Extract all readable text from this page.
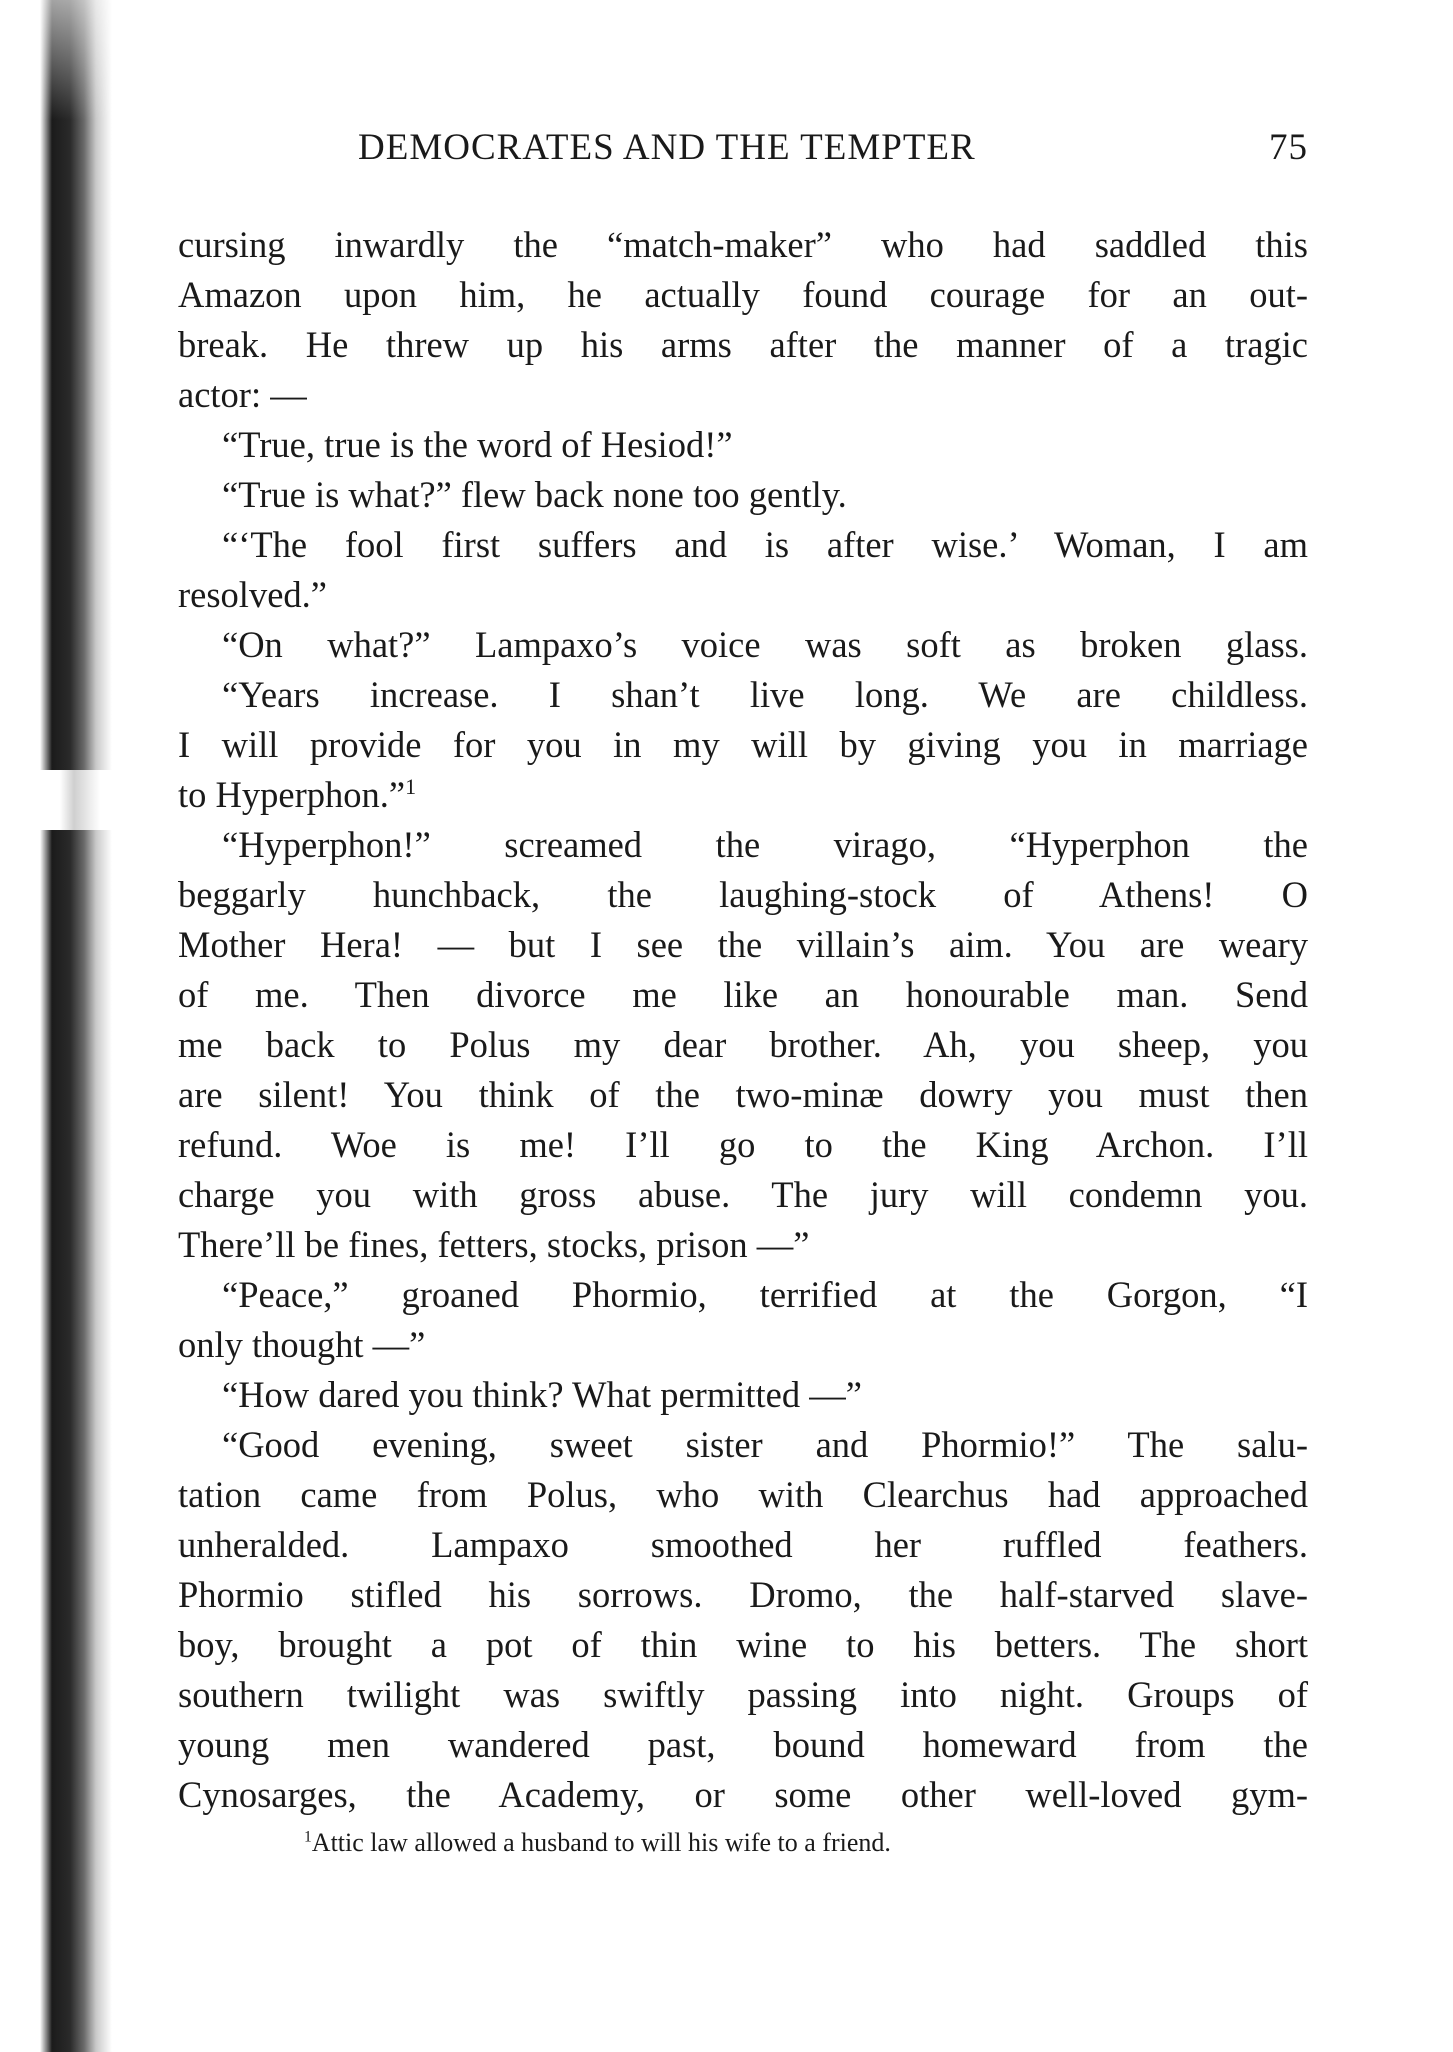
DEMOCRATES AND THE TEMPTER	75
cursing inwardly the “match-maker” who had saddled this
Amazon upon him, he actually found courage for an out-
break. He threw up his arms after the manner of a tragic
actor: —
“True, true is the word of Hesiod!”
“True is what?” flew back none too gently.
“‘The fool first suffers and is after wise.’ Woman, I am
resolved.”
“On what?” Lampaxo’s voice was soft as broken glass.
“Years increase. I shan’t live long. We are childless.
I will provide for you in my will by giving you in marriage
to Hyperphon.”$^1$
“Hyperphon!” screamed the virago, “Hyperphon the
beggarly hunchback, the laughing-stock of Athens! O
Mother Hera! — but I see the villain’s aim. You are weary
of me. Then divorce me like an honourable man. Send
me back to Polus my dear brother. Ah, you sheep, you
are silent! You think of the two-minæ dowry you must then
refund. Woe is me! I’ll go to the King Archon. I’ll
charge you with gross abuse. The jury will condemn you.
There’ll be fines, fetters, stocks, prison —”
“Peace,” groaned Phormio, terrified at the Gorgon, “I
only thought —”
“How dared you think? What permitted —”
“Good evening, sweet sister and Phormio!” The salu-
tation came from Polus, who with Clearchus had approached
unheralded. Lampaxo smoothed her ruffled feathers.
Phormio stifled his sorrows. Dromo, the half-starved slave-
boy, brought a pot of thin wine to his betters. The short
southern twilight was swiftly passing into night. Groups of
young men wandered past, bound homeward from the
Cynosarges, the Academy, or some other well-loved gym-
$^1$Attic law allowed a husband to will his wife to a friend.
